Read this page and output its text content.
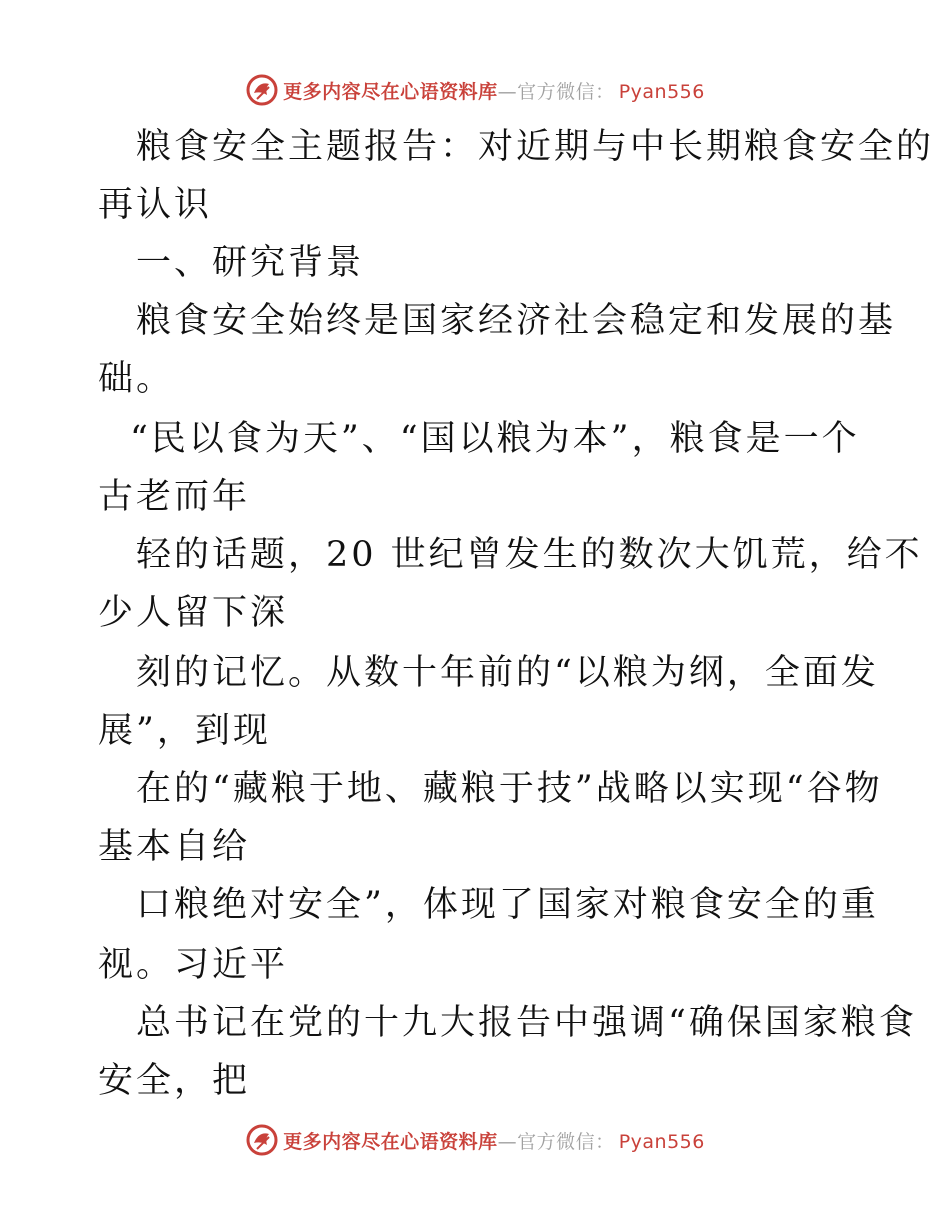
更多内容尽在心语资料库—官方微信： Pyan556
粮食安全主题报告：对近期与中长期粮食安全的
再认识
一、研究背景
粮食安全始终是国家经济社会稳定和发展的基
础。
“民以食为天”、“国以粮为本”，粮食是一个
古老而年
轻的话题，20 世纪曾发生的数次大饥荒，给不
少人留下深
刻的记忆。从数十年前的“以粮为纲，全面发
展”，到现
在的“藏粮于地、藏粮于技”战略以实现“谷物
基本自给
口粮绝对安全”，体现了国家对粮食安全的重
视。习近平
总书记在党的十九大报告中强调“确保国家粮食
安全，把
更多内容尽在心语资料库—官方微信： Pyan556
